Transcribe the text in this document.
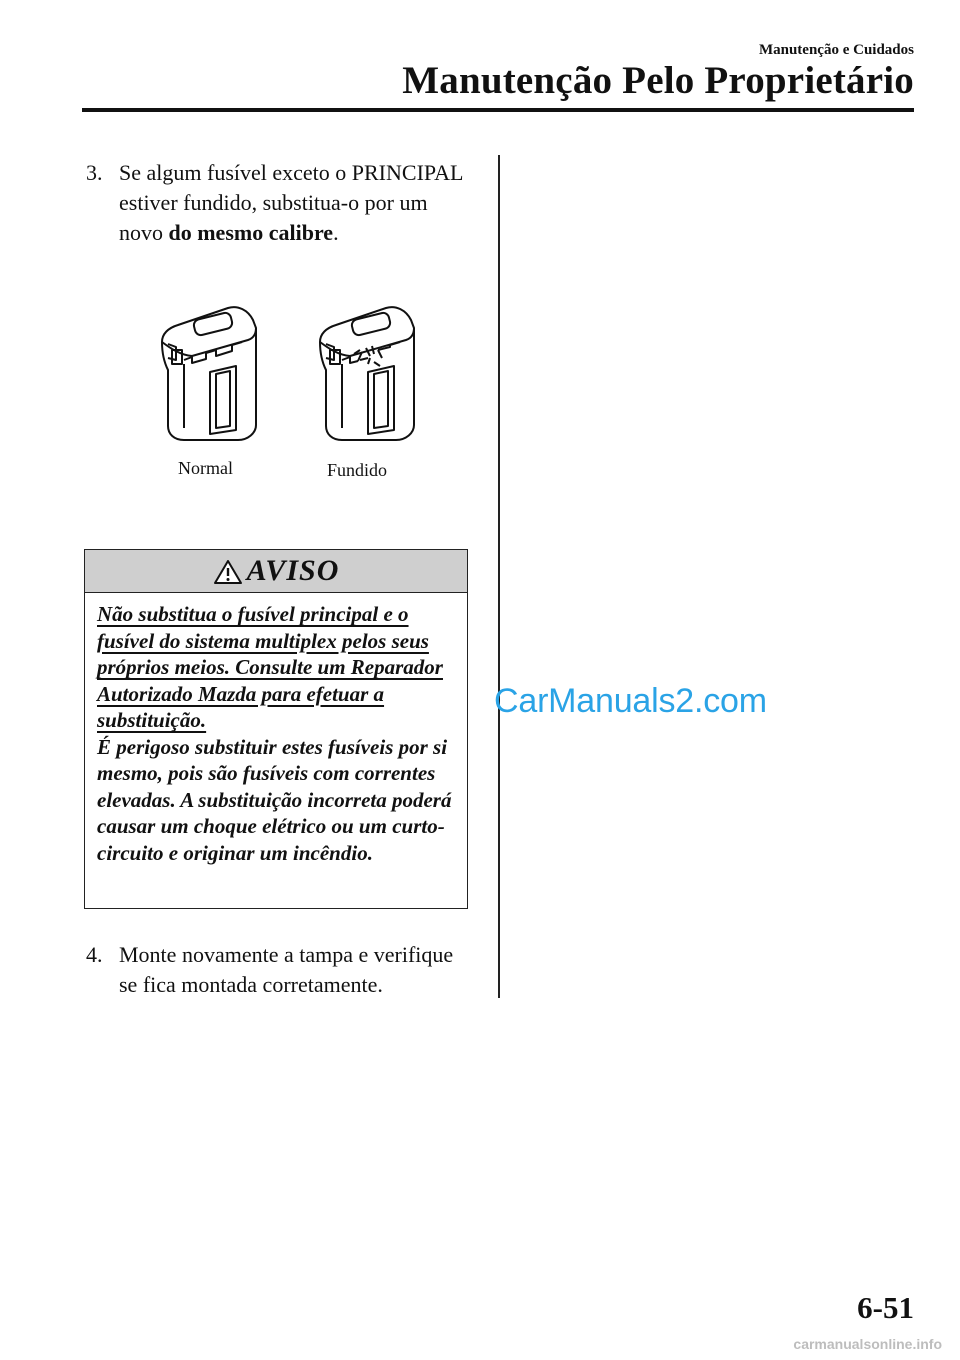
Manutenção e Cuidados
Manutenção Pelo Proprietário
3. Se algum fusível exceto o PRINCIPAL estiver fundido, substitua-o por um novo do mesmo calibre.
Normal	Fundido
AVISO
Não substitua o fusível principal e o fusível do sistema multiplex pelos seus próprios meios. Consulte um Reparador Autorizado Mazda para efetuar a substituição.
É perigoso substituir estes fusíveis por si mesmo, pois são fusíveis com correntes elevadas. A substituição incorreta poderá causar um choque elétrico ou um curto-circuito e originar um incêndio.
4. Monte novamente a tampa e verifique se fica montada corretamente.
CarManuals2.com
6-51
carmanualsonline.info
